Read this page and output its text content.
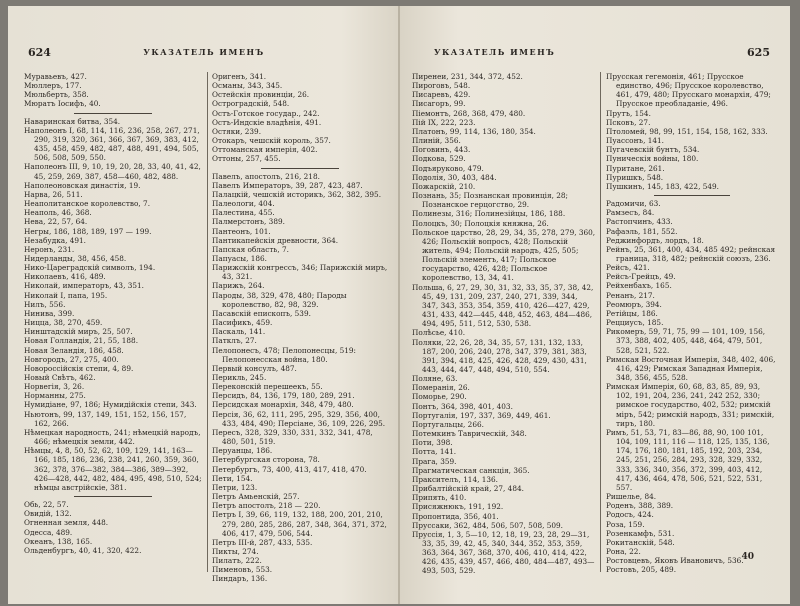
624	УКАЗАТЕЛЬ ИМЕНЪ
Муравьевъ, 427.
Мюллеръ, 177.
Мюльберть, 358.
Мюратъ Іосифъ, 40.
Наваринская битва, 354.
Наполеонъ I, 68, 114, 116, 236, 258, 267, 271, 290, 319, 320, 361, 366, 367, 369, 383, 412, 435, 458, 459, 482, 487, 488, 491, 494, 505, 506, 508, 509, 550.
Наполеонъ III, 9, 10, 19, 20, 28, 33, 40, 41, 42, 45, 259, 269, 387, 458—460, 482, 488.
Наполеоновская династія, 19.
Нарва, 26, 511.
Неаполитанское королевство, 7.
Неаполь, 46, 368.
Нева, 22, 57, 64.
Негры, 186, 188, 189, 197 — 199.
Незабудка, 491.
Неронъ, 231.
Нидерланды, 38, 456, 458.
Нико-Цареградскій символъ, 194.
Николаевъ, 416, 489.
Николай, императоръ, 43, 351.
Николай I, папа, 195.
Нилъ, 556.
Нинива, 399.
Ницца, 38, 270, 459.
Нинштадскій миръ, 25, 507.
Новая Голландія, 21, 55, 188.
Новая Зеландія, 186, 458.
Новгородъ, 27, 275, 400.
Новороссійскія степи, 4, 89.
Новый Свѣтъ, 462.
Норвегія, 3, 26.
Норманны, 275.
Нумидіане, 97, 186; Нумидійскія степи, 343.
Ньютонъ, 99, 137, 149, 151, 152, 156, 157, 162, 266.
Нѣмецкая народность, 241; нѣмецкій народъ, 466; нѣмецкія земли, 442.
Нѣмцы, 4, 8, 50, 52, 62, 109, 129, 141, 163—166, 185, 186, 236, 238, 241, 260, 359, 360, 362, 378, 376—382, 384—386, 389—392, 426—428, 442, 482, 484, 495, 498, 510, 524; нѣмцы австрійскіе, 381.
Обь, 22, 57.
Овидій, 132.
Огненная земля, 448.
Одесса, 489.
Океанъ, 138, 165.
Ольденбургъ, 40, 41, 320, 422.
Оригенъ, 341.
Османы, 343, 345.
Остейскія провинціи, 26.
Остроградскій, 548.
Остъ-Готское государ., 242.
Остъ-Индскіе владѣнія, 491.
Остяки, 239.
Отокаръ, чешскій король, 357.
Оттоманская имперія, 402.
Оттоны, 257, 455.
Павелъ, апостолъ, 216, 218.
Павелъ Императоръ, 39, 287, 423, 487.
Палацкій, чешскій историкъ, 362, 382, 395.
Палеологи, 404.
Палестина, 455.
Палмерстонъ, 389.
Пантеонъ, 101.
Пантикапейскія древности, 364.
Папская область, 7.
Папуасы, 186.
Парижскій конгрессъ, 346; Парижскій миръ, 43, 321.
Парижъ, 264.
Пароды, 38, 329, 478, 480; Пароды королевство, 82, 98, 329.
Пасавскій епископъ, 539.
Пасификъ, 459.
Паскаль, 141.
Патклъ, 27.
Пелопонесъ, 478; Пелопонесцы, 519: Пелопонесская война, 180.
Первый консулъ, 487.
Перикль, 245.
Переконскій перешеекъ, 55.
Персидъ, 84, 136, 179, 180, 289, 291.
Персидская монархія, 348, 479, 480.
Персія, 36, 62, 111, 295, 295, 329, 356, 400, 433, 484, 490; Персiане, 36, 109, 226, 295.
Пересъ, 328, 329, 330, 331, 332, 341, 478, 480, 501, 519.
Перуанцы, 186.
Петербургская сторона, 78.
Петербургъ, 73, 400, 413, 417, 418, 470.
Пети, 154.
Петри, 123.
Петръ Амьенскій, 257.
Петръ апостолъ, 218 — 220.
Петръ I, 39, 66, 119, 132, 188, 200, 201, 210, 279, 280, 285, 286, 287, 348, 364, 371, 372, 406, 417, 479, 506, 544.
Петръ III-й, 287, 433, 535.
Пикты, 274.
Пилатъ, 222.
Пименовъ, 553.
Пиндаръ, 136.
УКАЗАТЕЛЬ ИМЕНЪ	625
Пиренеи, 231, 344, 372, 452.
Пироговъ, 548.
Писаревъ, 429.
Писагоръ, 99.
Піемонтъ, 268, 368, 479, 480.
Пій IX, 222, 223.
Платонъ, 99, 114, 136, 180, 354.
Плиній, 356.
Поговинъ, 443.
Подкова, 529.
Подъяруково, 479.
Подолія, 30, 403, 484.
Пожарскій, 210.
Познань, 35; Познанская провинція, 28; Познанское герцогство, 29.
Полинезы, 316; Полинезійцы, 186, 188.
Полоцкъ, 30; Полоцкія княжна, 26.
Польское царство, 28, 29, 34, 35, 278, 279, 360, 426; Польскій вопросъ, 428; Польскій житель, 494; Польскій народъ, 425, 505; Польскій элементъ, 417; Польское государство, 426, 428; Польское королевство, 13, 34, 41.
Польша, 6, 27, 29, 30, 31, 32, 33, 35, 37, 38, 42, 45, 49, 131, 209, 237, 240, 271, 339, 344, 347, 343, 353, 354, 359, 410, 426—427, 429, 431, 433, 442—445, 448, 452, 463, 484—486, 494, 495, 511, 512, 530, 538.
Полѣсье, 410.
Поляки, 22, 26, 28, 34, 35, 57, 131, 132, 133, 187, 200, 206, 240, 278, 347, 379, 381, 383, 391, 394, 418, 425, 426, 428, 429, 430, 431, 443, 444, 447, 448, 494, 510, 554.
Поляне, 63.
Померанія, 26.
Поморье, 290.
Понтъ, 364, 398, 401, 403.
Португалія, 197, 337, 369, 449, 461.
Португальцы, 266.
Потемкинъ Таврическій, 348.
Поти, 398.
Потта, 141.
Прага, 359.
Прагматическая санкція, 365.
Праксителъ, 114, 136.
Прибалтійскій край, 27, 484.
Припять, 410.
Присяжнюкъ, 191, 192.
Пропонтида, 356, 401.
Пруссаки, 362, 484, 506, 507, 508, 509.
Пруссія, 1, 3, 5—10, 12, 18, 19, 23, 28, 29—31, 33, 35, 39, 42, 45, 340, 344, 352, 353, 359, 363, 364, 367, 368, 370, 406, 410, 414, 422, 426, 435, 439, 457, 466, 480, 484—487, 493—493, 503, 529.
Прусская гегемонія, 461; Прусское единство, 496; Прусское королевство, 461, 479, 480; Прусскаго монархія, 479; Прусское преобладаніе, 496.
Прутъ, 154.
Псковъ, 27.
Птоломей, 98, 99, 151, 154, 158, 162, 333.
Пуассонъ, 141.
Пугачевскій бунтъ, 534.
Пуническія войны, 180.
Пуритане, 261.
Пуришкъ, 548.
Пушкинъ, 145, 183, 422, 549.
Радомичи, 63.
Рамзесъ, 84.
Растопчинъ, 433.
Рафаэль, 181, 552.
Реджинфордъ, лордъ, 18.
Рейнъ, 25, 361, 400, 434, 485 492; рейнская граница, 318, 482; рейнскій союзъ, 236.
Рейсъ, 421.
Рейсъ-Грейцъ, 49.
Рейхенбахъ, 165.
Ренанъ, 217.
Реомюръ, 394.
Ретійцы, 186.
Рецциусъ, 185.
Рикомеръ, 59, 71, 75, 99 — 101, 109, 156, 373, 388, 402, 405, 448, 464, 479, 501, 528, 521, 522.
Римская Восточная Имперія, 348, 402, 406, 416, 429; Римская Западная Имперія, 348, 356, 455, 528.
Римская Имперія, 60, 68, 83, 85, 89, 93, 102, 191, 204, 236, 241, 242 252, 330; римское государство, 402, 532; римскій міръ, 542; римскій народъ, 331; римскій, тиръ, 180.
Римъ, 51, 53, 71, 83—86, 88, 90, 100 101, 104, 109, 111, 116 — 118, 125, 135, 136, 174, 176, 180, 181, 185, 192, 203, 234, 245, 251, 256, 284, 293, 328, 329, 332, 333, 336, 340, 356, 372, 399, 403, 412, 417, 436, 464, 478, 506, 521, 522, 531, 557.
Ришелье, 84.
Роденъ, 388, 389.
Родосъ, 424.
Роза, 159.
Розенкамфъ, 531.
Рокитанскій, 548.
Рона, 22.
Ростовцевъ, Яковъ Ивановичъ, 536.
Ростовъ, 205, 489.
40
